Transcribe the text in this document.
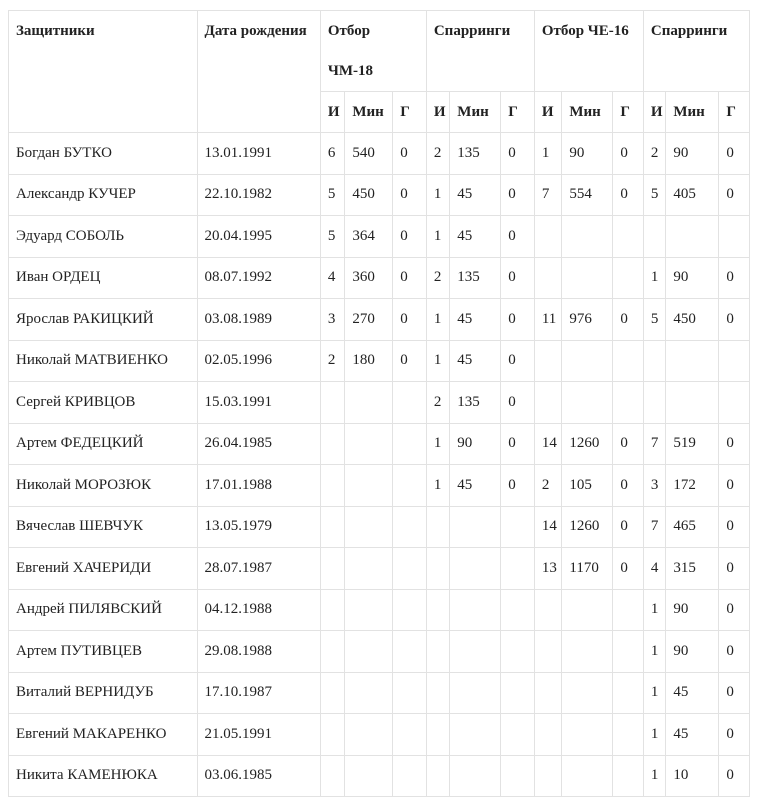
Защитники	Дата рождения	Отбор ЧМ-18			Спарринги			Отбор ЧЕ-16			Спарринги		
		И	Мин	Г	И	Мин	Г	И	Мин	Г	И	Мин	Г
Богдан БУТКО	13.01.1991	6	540	0	2	135	0	1	90	0	2	90	0
Александр КУЧЕР	22.10.1982	5	450	0	1	45	0	7	554	0	5	405	0
Эдуард СОБОЛЬ	20.04.1995	5	364	0	1	45	0						
Иван ОРДЕЦ	08.07.1992	4	360	0	2	135	0				1	90	0
Ярослав РАКИЦКИЙ	03.08.1989	3	270	0	1	45	0	11	976	0	5	450	0
Николай МАТВИЕНКО	02.05.1996	2	180	0	1	45	0						
Сергей КРИВЦОВ	15.03.1991				2	135	0						
Артем ФЕДЕЦКИЙ	26.04.1985				1	90	0	14	1260	0	7	519	0
Николай МОРОЗЮК	17.01.1988				1	45	0	2	105	0	3	172	0
Вячеслав ШЕВЧУК	13.05.1979							14	1260	0	7	465	0
Евгений ХАЧЕРИДИ	28.07.1987							13	1170	0	4	315	0
Андрей ПИЛЯВСКИЙ	04.12.1988										1	90	0
Артем ПУТИВЦЕВ	29.08.1988										1	90	0
Виталий ВЕРНИДУБ	17.10.1987										1	45	0
Евгений МАКАРЕНКО	21.05.1991										1	45	0
Никита КАМЕНЮКА	03.06.1985										1	10	0
